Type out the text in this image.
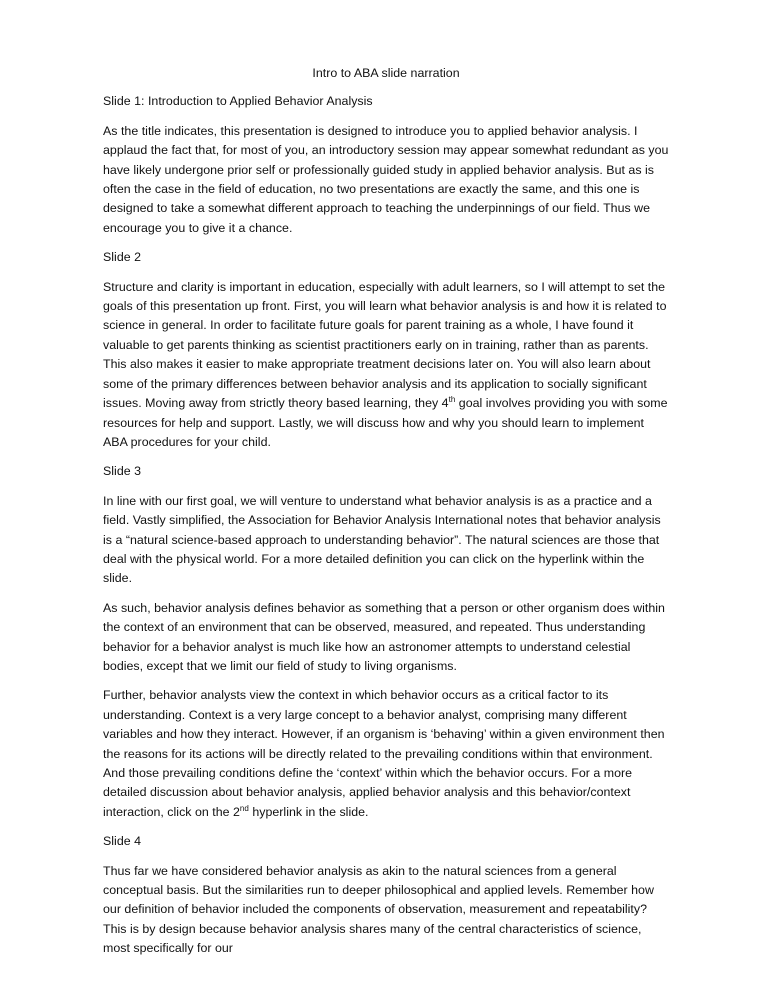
Intro to ABA slide narration
Slide 1: Introduction to Applied Behavior Analysis

As the title indicates, this presentation is designed to introduce you to applied behavior analysis. I applaud the fact that, for most of you, an introductory session may appear somewhat redundant as you have likely undergone prior self or professionally guided study in applied behavior analysis. But as is often the case in the field of education, no two presentations are exactly the same, and this one is designed to take a somewhat different approach to teaching the underpinnings of our field. Thus we encourage you to give it a chance.

Slide 2

Structure and clarity is important in education, especially with adult learners, so I will attempt to set the goals of this presentation up front. First, you will learn what behavior analysis is and how it is related to science in general. In order to facilitate future goals for parent training as a whole, I have found it valuable to get parents thinking as scientist practitioners early on in training, rather than as parents. This also makes it easier to make appropriate treatment decisions later on. You will also learn about some of the primary differences between behavior analysis and its application to socially significant issues. Moving away from strictly theory based learning, they 4th goal involves providing you with some resources for help and support. Lastly, we will discuss how and why you should learn to implement ABA procedures for your child.

Slide 3

In line with our first goal, we will venture to understand what behavior analysis is as a practice and a field. Vastly simplified, the Association for Behavior Analysis International notes that behavior analysis is a “natural science-based approach to understanding behavior”. The natural sciences are those that deal with the physical world. For a more detailed definition you can click on the hyperlink within the slide.

As such, behavior analysis defines behavior as something that a person or other organism does within the context of an environment that can be observed, measured, and repeated. Thus understanding behavior for a behavior analyst is much like how an astronomer attempts to understand celestial bodies, except that we limit our field of study to living organisms.

Further, behavior analysts view the context in which behavior occurs as a critical factor to its understanding. Context is a very large concept to a behavior analyst, comprising many different variables and how they interact. However, if an organism is ‘behaving’ within a given environment then the reasons for its actions will be directly related to the prevailing conditions within that environment. And those prevailing conditions define the ‘context’ within which the behavior occurs. For a more detailed discussion about behavior analysis, applied behavior analysis and this behavior/context interaction, click on the 2nd hyperlink in the slide.

Slide 4

Thus far we have considered behavior analysis as akin to the natural sciences from a general conceptual basis. But the similarities run to deeper philosophical and applied levels. Remember how our definition of behavior included the components of observation, measurement and repeatability? This is by design because behavior analysis shares many of the central characteristics of science, most specifically for our
